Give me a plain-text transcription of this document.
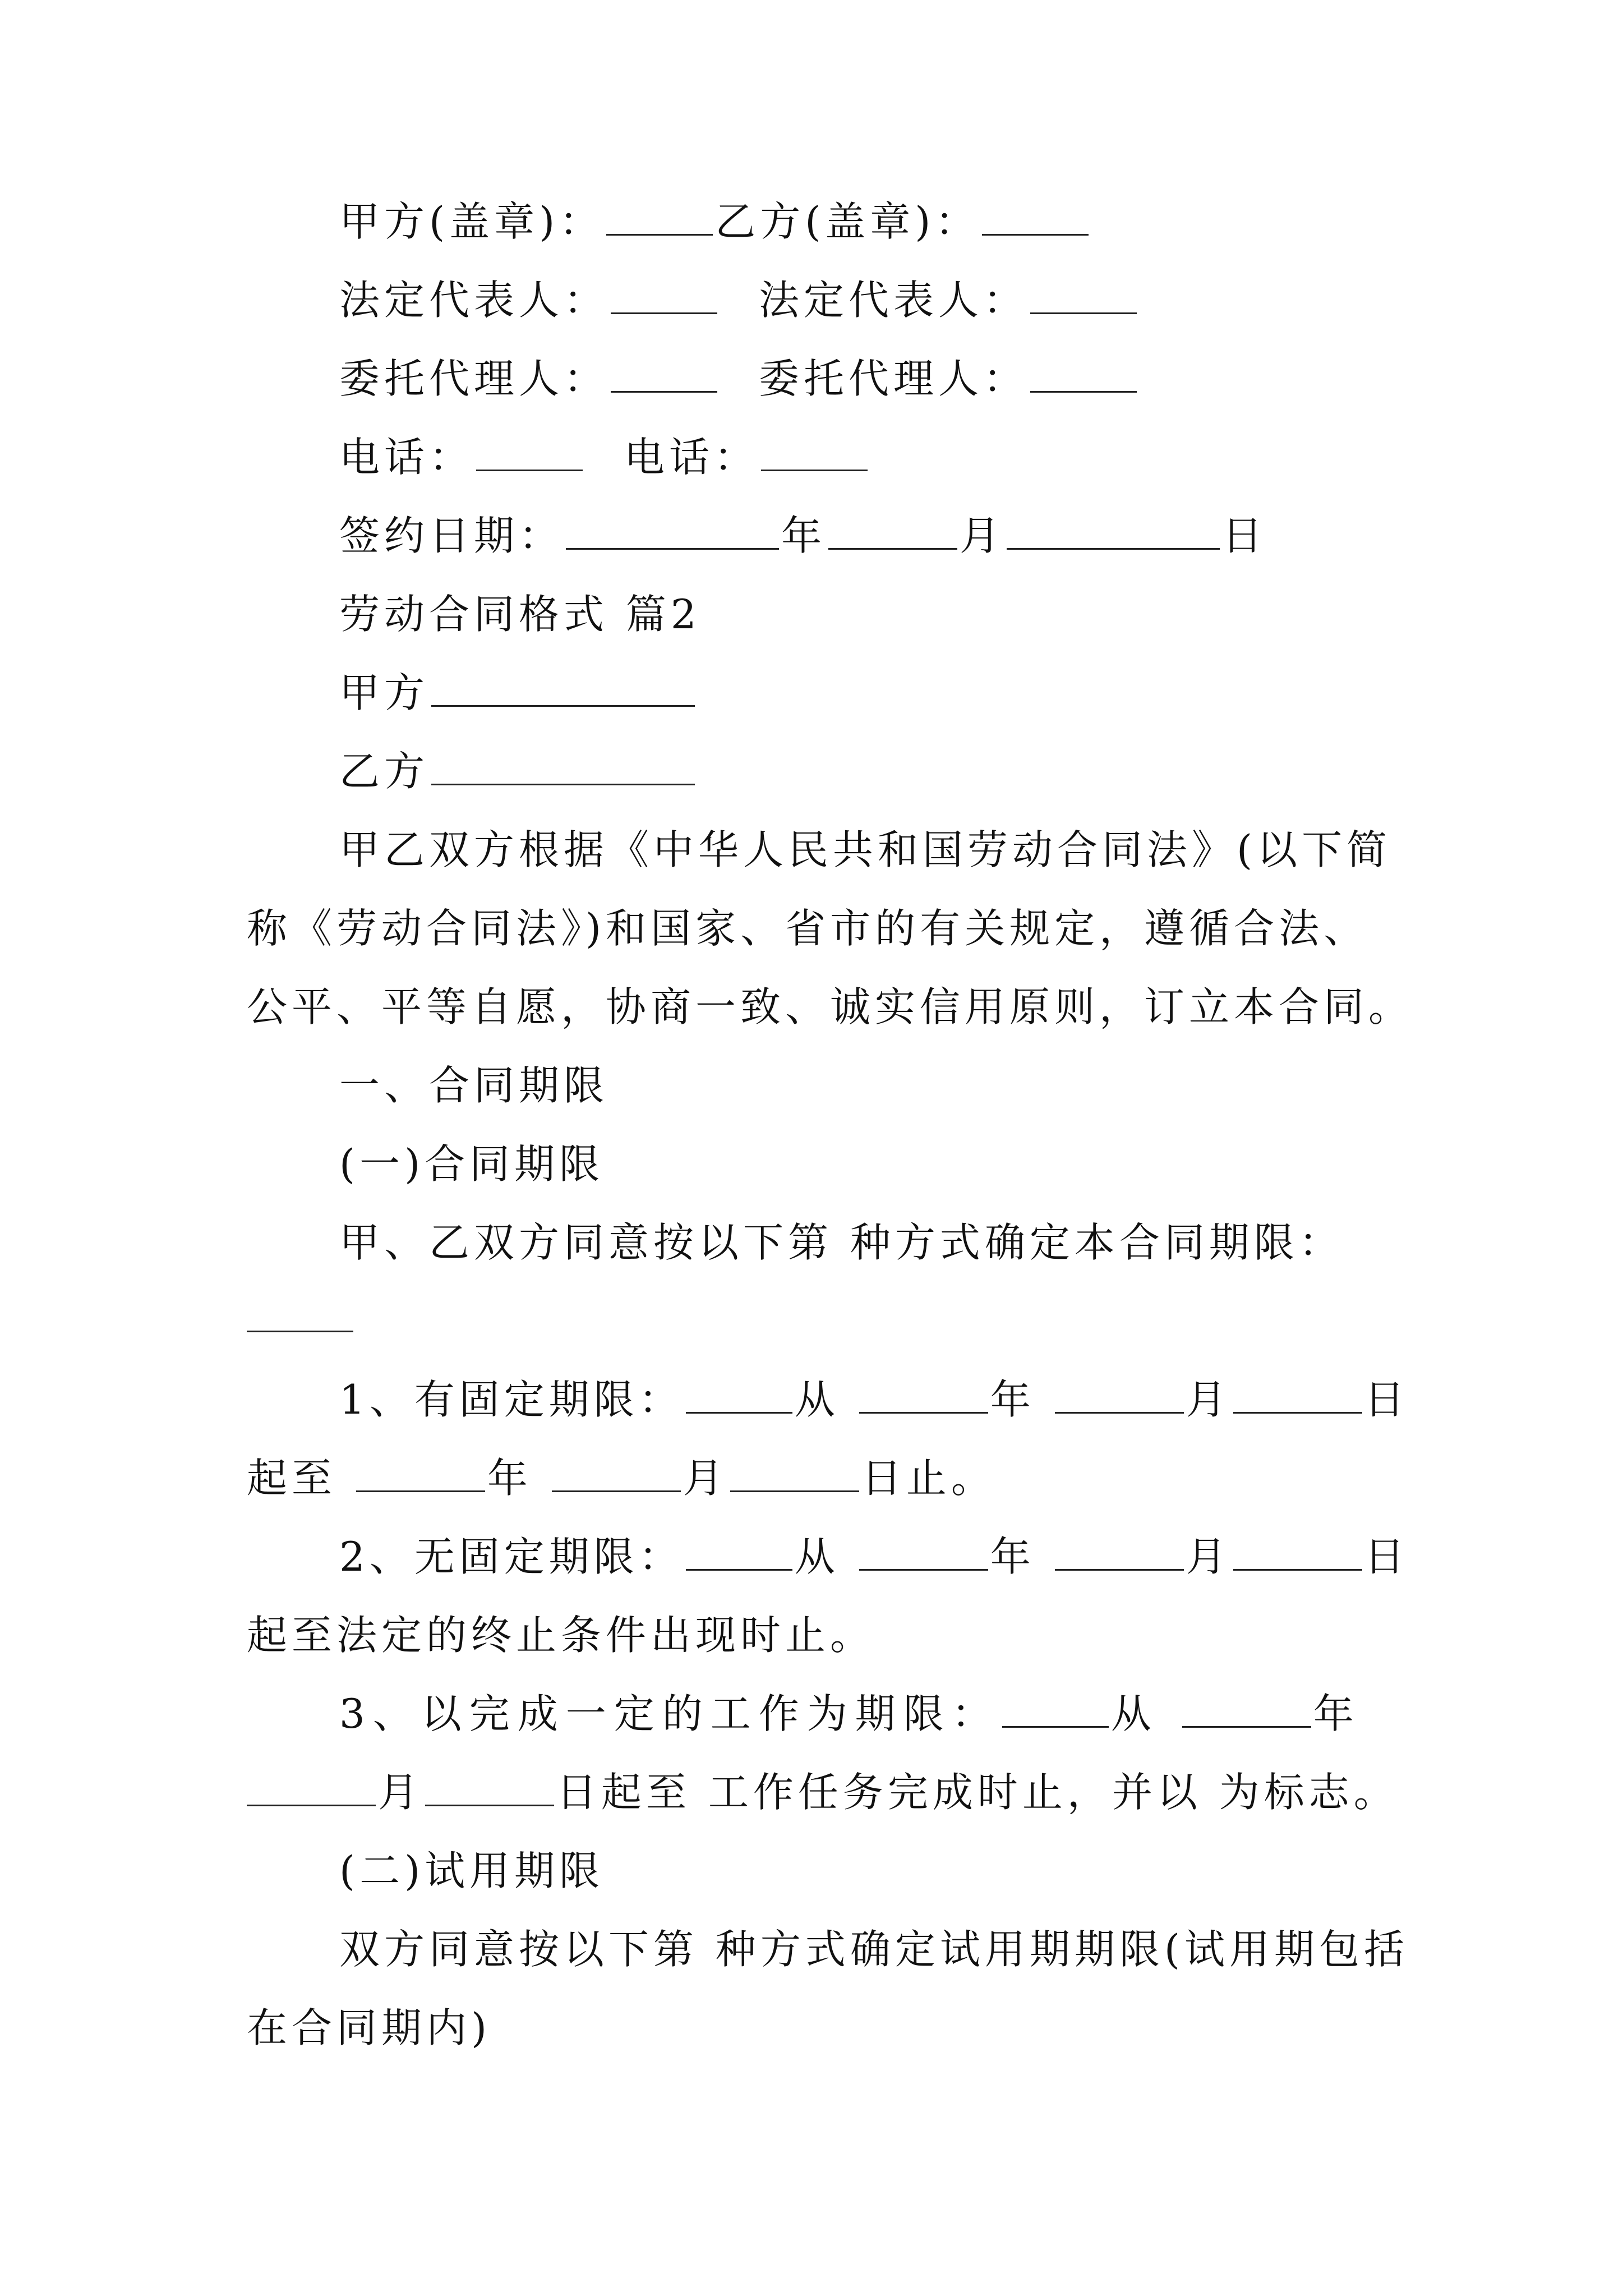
甲方(盖章)：	乙方(盖章)：
法定代表人：	法定代表人：
委托代理人：	委托代理人：
电话：	电话：
签约日期：	年	月	日
劳动合同格式 篇2
甲方
乙方
甲乙双方根据《中华人民共和国劳动合同法》(以下简
称《劳动合同法》)和国家、省市的有关规定，遵循合法、
公平、平等自愿，协商一致、诚实信用原则，订立本合同。
一、合同期限
(一)合同期限
甲、乙双方同意按以下第 种方式确定本合同期限：
1、有固定期限：	从	年	月	日
起至	年	月	日止。
2、无固定期限：	从	年	月	日
起至法定的终止条件出现时止。
3、以完成一定的工作为期限：	从	年
月	日起至 工作任务完成时止，并以 为标志。
(二)试用期限
双方同意按以下第 种方式确定试用期期限(试用期包括
在合同期内)
